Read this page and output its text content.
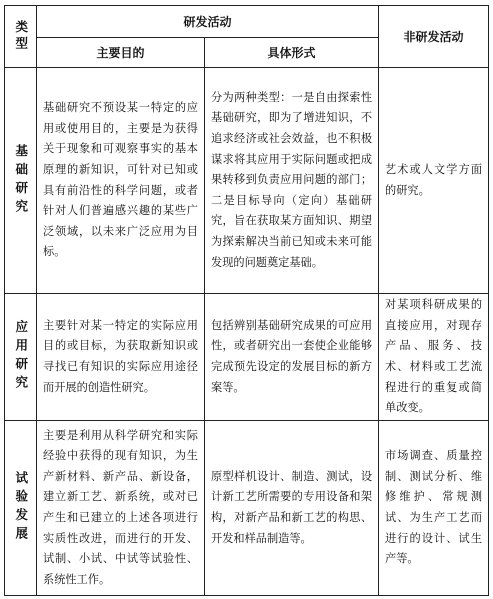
类型	研发活动		非研发活动
	主要目的	具体形式	

基础研究	基础研究不预设某一特定的应用或使用目的，主要是为获得关于现象和可观察事实的基本原理的新知识，可针对已知或具有前沿性的科学问题，或者针对人们普遍感兴趣的某些广泛领域，以未来广泛应用为目标。	分为两种类型：一是自由探索性基础研究，即为了增进知识，不追求经济或社会效益，也不积极谋求将其应用于实际问题或把成果转移到负责应用问题的部门；二是目标导向（定向）基础研究，旨在获取某方面知识、期望为探索解决当前已知或未来可能发现的问题奠定基础。	艺术或人文学方面的研究。

应用研究	主要针对某一特定的实际应用目的或目标，为获取新知识或寻找已有知识的实际应用途径而开展的创造性研究。	包括辨别基础研究成果的可应用性，或者研究出一套使企业能够完成预先设定的发展目标的新方案等。	对某项科研成果的直接应用，对现存产品、服务、技术、材料或工艺流程进行的重复或简单改变。

试验发展	主要是利用从科学研究和实际经验中获得的现有知识，为生产新材料、新产品、新设备，建立新工艺、新系统，或对已产生和已建立的上述各项进行实质性改进，而进行的开发、试制、小试、中试等试验性、系统性工作。	原型样机设计、制造、测试，设计新工艺所需要的专用设备和架构，对新产品和新工艺的构思、开发和样品制造等。	市场调查、质量控制、测试分析、维修维护、常规测试、为生产工艺而进行的设计、试生产等。
